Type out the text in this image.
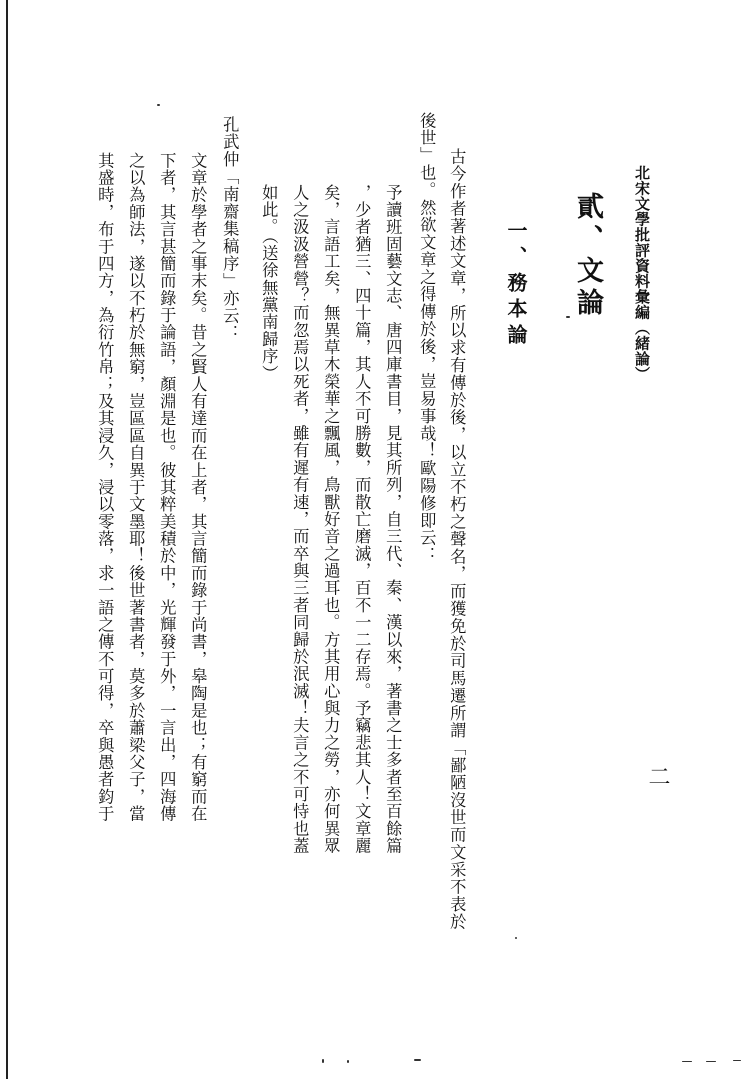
北宋文學批評資料彙編（緒論）
二
貳、文論
一、務本論
古今作者著述文章，所以求有傳於後，以立不朽之聲名，而獲免於司馬遷所謂「鄙陋沒世而文采不表於
後世」也。然欲文章之得傳於後，豈易事哉！歐陽修即云：
予讀班固藝文志、唐四庫書目，見其所列，自三代、秦、漢以來，著書之士多者至百餘篇
，少者猶三、四十篇，其人不可勝數，而散亡磨滅，百不一二存焉。予竊悲其人！文章麗
矣，言語工矣，無異草木榮華之飄風，鳥獸好音之過耳也。方其用心與力之勞，亦何異眾
人之汲汲營營？而忽焉以死者，雖有遲有速，而卒與三者同歸於泯滅！夫言之不可恃也蓋
如此。（送徐無黨南歸序）
孔武仲「南齋集稿序」亦云：
文章於學者之事末矣。昔之賢人有達而在上者，其言簡而錄于尚書，皋陶是也；有窮而在
下者，其言甚簡而錄于論語，顏淵是也。彼其粹美積於中，光輝發于外，一言出，四海傳
之以為師法，遂以不朽於無窮，豈區區自異于文墨耶！後世著書者，莫多於蕭梁父子，當
其盛時，布于四方，為衍竹帛；及其浸久，浸以零落，求一語之傳不可得，卒與愚者鈞于
